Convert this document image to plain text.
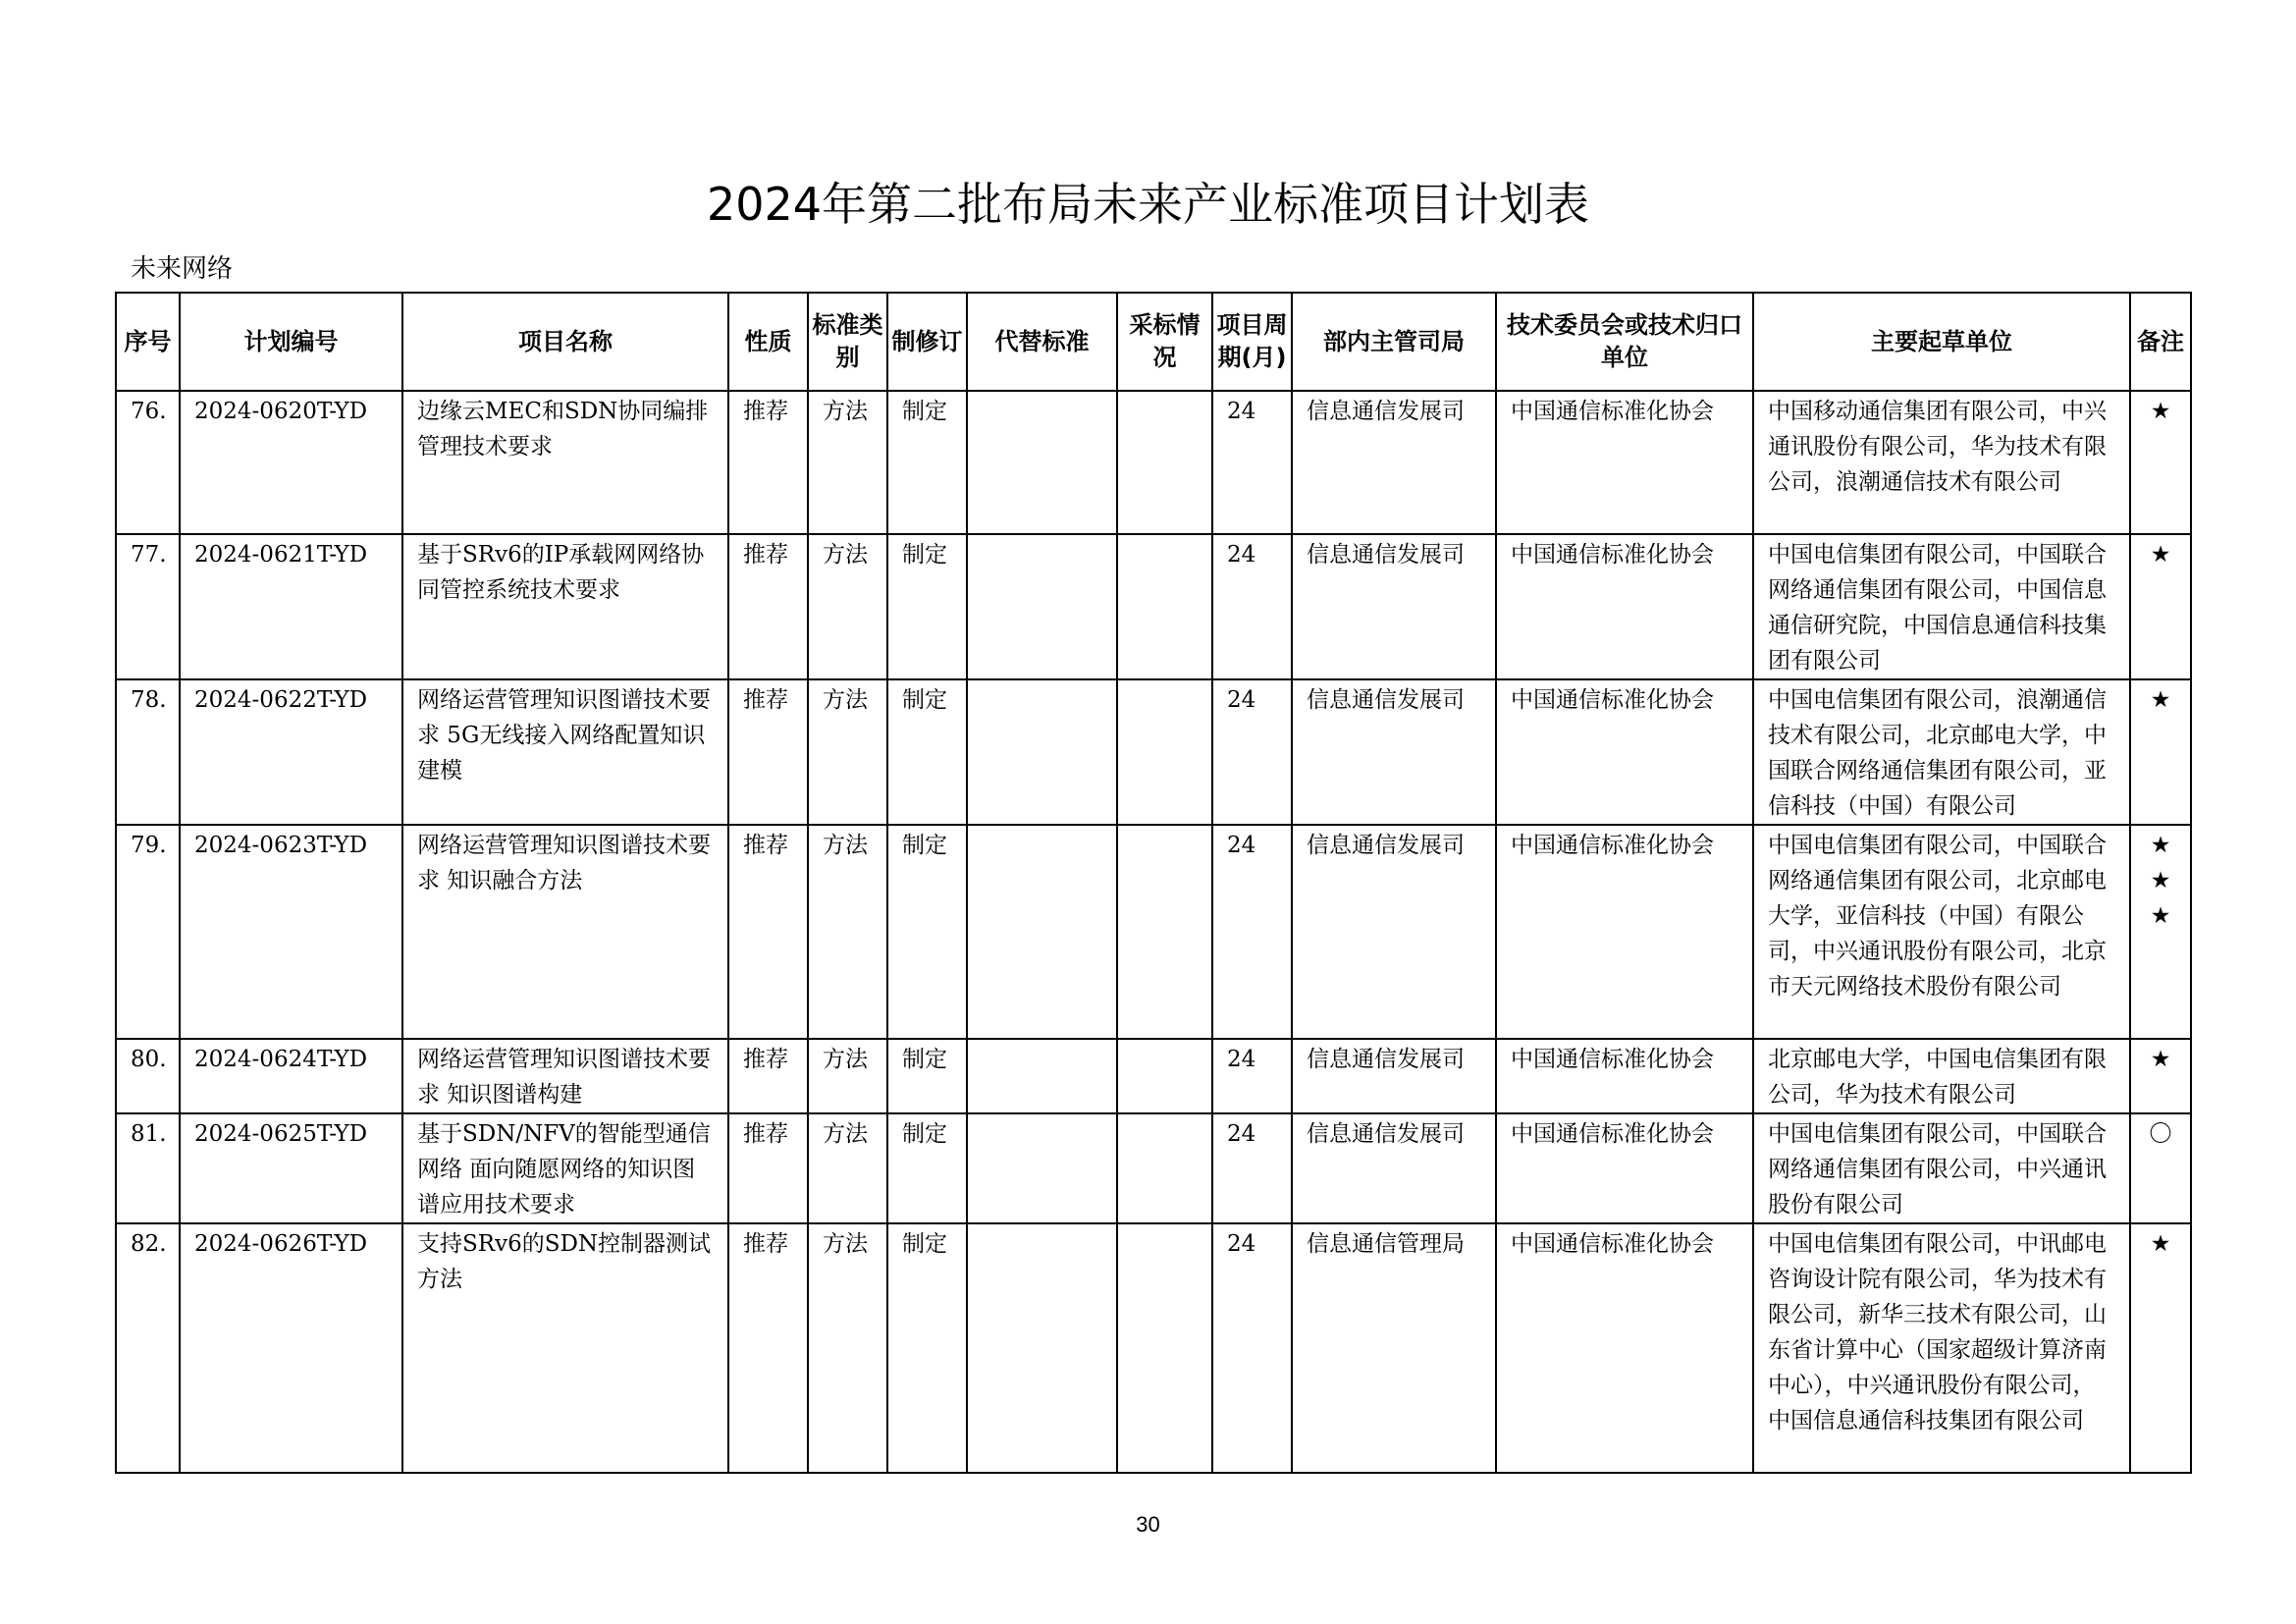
2024年第二批布局未来产业标准项目计划表
未来网络
序号	计划编号	项目名称	性质	标准类别	制修订	代替标准	采标情况	项目周期(月)	部内主管司局	技术委员会或技术归口单位	主要起草单位	备注
76.	2024-0620T-YD	边缘云MEC和SDN协同编排管理技术要求	推荐	方法	制定			24	信息通信发展司	中国通信标准化协会	中国移动通信集团有限公司，中兴通讯股份有限公司，华为技术有限公司，浪潮通信技术有限公司	★
77.	2024-0621T-YD	基于SRv6的IP承载网网络协同管控系统技术要求	推荐	方法	制定			24	信息通信发展司	中国通信标准化协会	中国电信集团有限公司，中国联合网络通信集团有限公司，中国信息通信研究院，中国信息通信科技集团有限公司	★
78.	2024-0622T-YD	网络运营管理知识图谱技术要求 5G无线接入网络配置知识建模	推荐	方法	制定			24	信息通信发展司	中国通信标准化协会	中国电信集团有限公司，浪潮通信技术有限公司，北京邮电大学，中国联合网络通信集团有限公司，亚信科技（中国）有限公司	★
79.	2024-0623T-YD	网络运营管理知识图谱技术要求 知识融合方法	推荐	方法	制定			24	信息通信发展司	中国通信标准化协会	中国电信集团有限公司，中国联合网络通信集团有限公司，北京邮电大学，亚信科技（中国）有限公司，中兴通讯股份有限公司，北京市天元网络技术股份有限公司	★★★
80.	2024-0624T-YD	网络运营管理知识图谱技术要求 知识图谱构建	推荐	方法	制定			24	信息通信发展司	中国通信标准化协会	北京邮电大学，中国电信集团有限公司，华为技术有限公司	★
81.	2024-0625T-YD	基于SDN/NFV的智能型通信网络 面向随愿网络的知识图谱应用技术要求	推荐	方法	制定			24	信息通信发展司	中国通信标准化协会	中国电信集团有限公司，中国联合网络通信集团有限公司，中兴通讯股份有限公司	〇
82.	2024-0626T-YD	支持SRv6的SDN控制器测试方法	推荐	方法	制定			24	信息通信管理局	中国通信标准化协会	中国电信集团有限公司，中讯邮电咨询设计院有限公司，华为技术有限公司，新华三技术有限公司，山东省计算中心（国家超级计算济南中心），中兴通讯股份有限公司，中国信息通信科技集团有限公司	★
30
